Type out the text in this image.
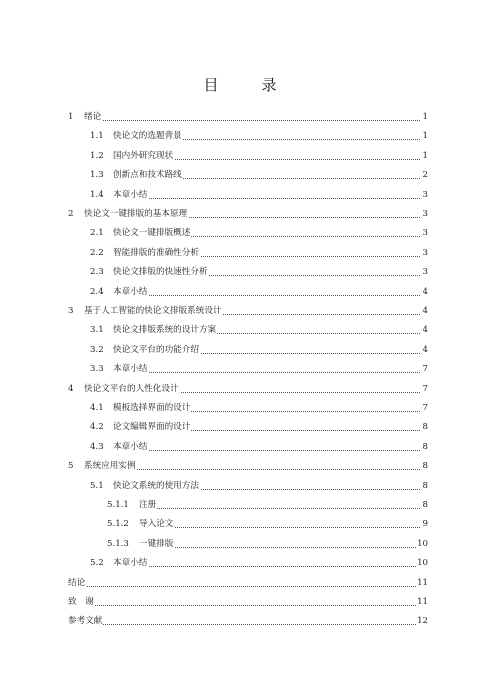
目　录
1 绪论	1
1.1 快论文的选题背景	1
1.2 国内外研究现状	1
1.3 创新点和技术路线	2
1.4 本章小结	3
2 快论文一键排版的基本原理	3
2.1 快论文一键排版概述	3
2.2 智能排版的准确性分析	3
2.3 快论文排版的快速性分析	3
2.4 本章小结	4
3 基于人工智能的快论文排版系统设计	4
3.1 快论文排版系统的设计方案	4
3.2 快论文平台的功能介绍	4
3.3 本章小结	7
4 快论文平台的人性化设计	7
4.1 模板选择界面的设计	7
4.2 论文编辑界面的设计	8
4.3 本章小结	8
5 系统应用实例	8
5.1 快论文系统的使用方法	8
5.1.1 注册	8
5.1.2 导入论文	9
5.1.3 一键排版	10
5.2 本章小结	10
结论	11
致　谢	11
参考文献	12
